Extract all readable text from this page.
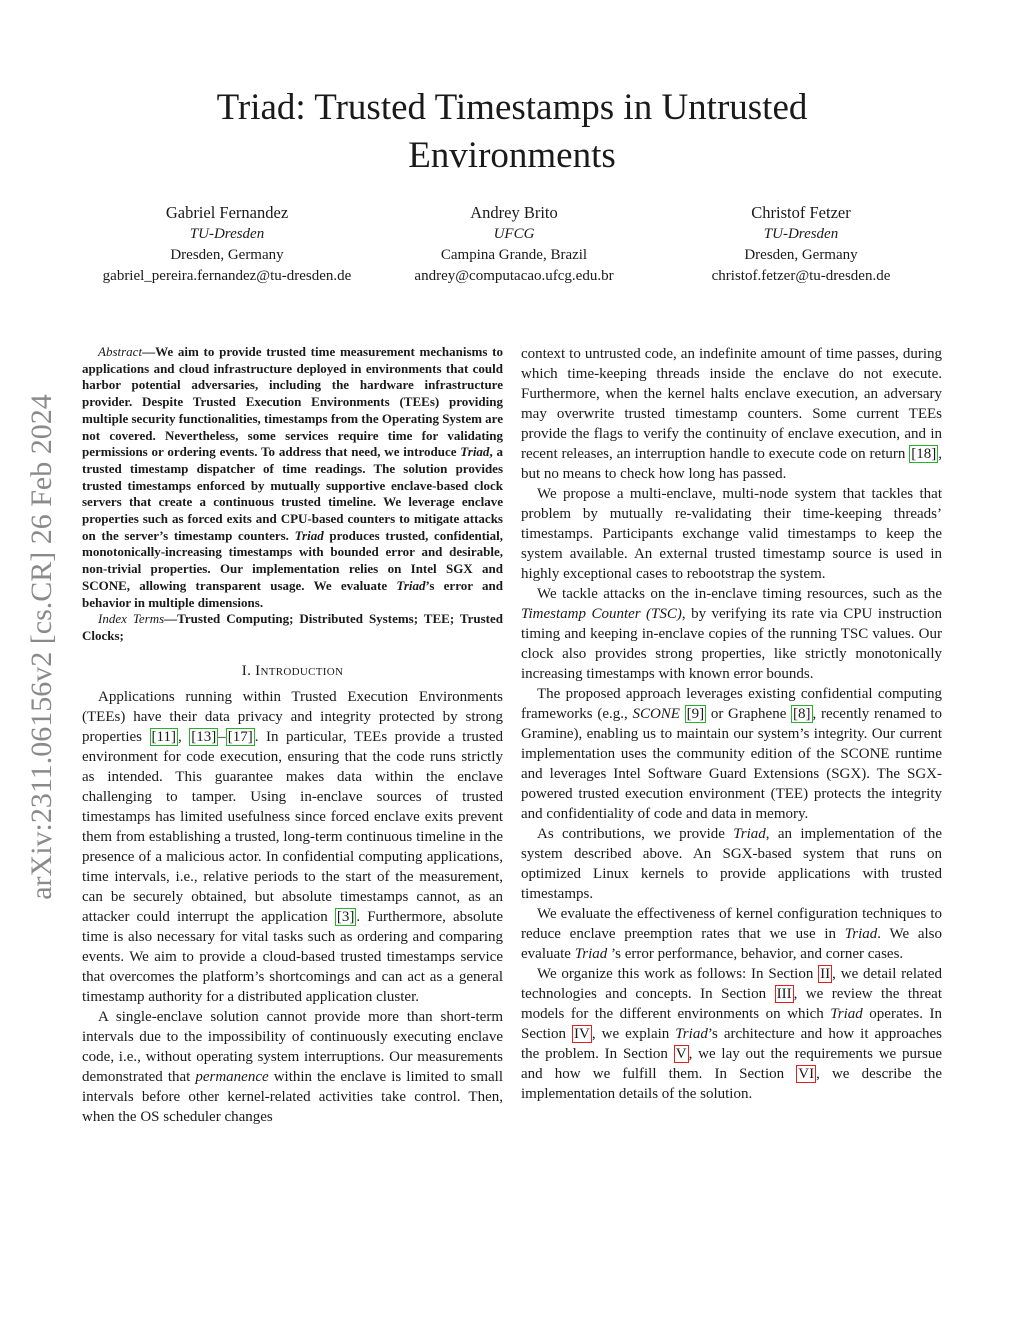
Triad: Trusted Timestamps in Untrusted Environments
Gabriel Fernandez
TU-Dresden
Dresden, Germany
gabriel_pereira.fernandez@tu-dresden.de
Andrey Brito
UFCG
Campina Grande, Brazil
andrey@computacao.ufcg.edu.br
Christof Fetzer
TU-Dresden
Dresden, Germany
christof.fetzer@tu-dresden.de
arXiv:2311.06156v2 [cs.CR] 26 Feb 2024

Abstract—We aim to provide trusted time measurement mechanisms to applications and cloud infrastructure deployed in environments that could harbor potential adversaries, including the hardware infrastructure provider. Despite Trusted Execution Environments (TEEs) providing multiple security functionalities, timestamps from the Operating System are not covered. Nevertheless, some services require time for validating permissions or ordering events. To address that need, we introduce Triad, a trusted timestamp dispatcher of time readings. The solution provides trusted timestamps enforced by mutually supportive enclave-based clock servers that create a continuous trusted timeline. We leverage enclave properties such as forced exits and CPU-based counters to mitigate attacks on the server’s timestamp counters. Triad produces trusted, confidential, monotonically-increasing timestamps with bounded error and desirable, non-trivial properties. Our implementation relies on Intel SGX and SCONE, allowing transparent usage. We evaluate Triad’s error and behavior in multiple dimensions.

Index Terms—Trusted Computing; Distributed Systems; TEE; Trusted Clocks;

I. Introduction

Applications running within Trusted Execution Environments (TEEs) have their data privacy and integrity protected by strong properties [11] , [13] – [17] . In particular, TEEs provide a trusted environment for code execution, ensuring that the code runs strictly as intended. This guarantee makes data within the enclave challenging to tamper. Using in-enclave sources of trusted timestamps has limited usefulness since forced enclave exits prevent them from establishing a trusted, long-term continuous timeline in the presence of a malicious actor. In confidential computing applications, time intervals, i.e., relative periods to the start of the measurement, can be securely obtained, but absolute timestamps cannot, as an attacker could interrupt the application [3] . Furthermore, absolute time is also necessary for vital tasks such as ordering and comparing events. We aim to provide a cloud-based trusted timestamps service that overcomes the platform’s shortcomings and can act as a general timestamp authority for a distributed application cluster.

A single-enclave solution cannot provide more than short-term intervals due to the impossibility of continuously executing enclave code, i.e., without operating system interruptions. Our measurements demonstrated that permanence within the enclave is limited to small intervals before other kernel-related activities take control. Then, when the OS scheduler changes

context to untrusted code, an indefinite amount of time passes, during which time-keeping threads inside the enclave do not execute. Furthermore, when the kernel halts enclave execution, an adversary may overwrite trusted timestamp counters. Some current TEEs provide the flags to verify the continuity of enclave execution, and in recent releases, an interruption handle to execute code on return [18] , but no means to check how long has passed.

We propose a multi-enclave, multi-node system that tackles that problem by mutually re-validating their time-keeping threads’ timestamps. Participants exchange valid timestamps to keep the system available. An external trusted timestamp source is used in highly exceptional cases to rebootstrap the system.

We tackle attacks on the in-enclave timing resources, such as the Timestamp Counter (TSC), by verifying its rate via CPU instruction timing and keeping in-enclave copies of the running TSC values. Our clock also provides strong properties, like strictly monotonically increasing timestamps with known error bounds.

The proposed approach leverages existing confidential computing frameworks (e.g., SCONE [9] or Graphene [8] , recently renamed to Gramine), enabling us to maintain our system’s integrity. Our current implementation uses the community edition of the SCONE runtime and leverages Intel Software Guard Extensions (SGX). The SGX-powered trusted execution environment (TEE) protects the integrity and confidentiality of code and data in memory.

As contributions, we provide Triad, an implementation of the system described above. An SGX-based system that runs on optimized Linux kernels to provide applications with trusted timestamps.

We evaluate the effectiveness of kernel configuration techniques to reduce enclave preemption rates that we use in Triad. We also evaluate Triad ’s error performance, behavior, and corner cases.

We organize this work as follows: In Section II , we detail related technologies and concepts. In Section III , we review the threat models for the different environments on which Triad operates. In Section IV , we explain Triad’s architecture and how it approaches the problem. In Section V , we lay out the requirements we pursue and how we fulfill them. In Section VI , we describe the implementation details of the solution.
